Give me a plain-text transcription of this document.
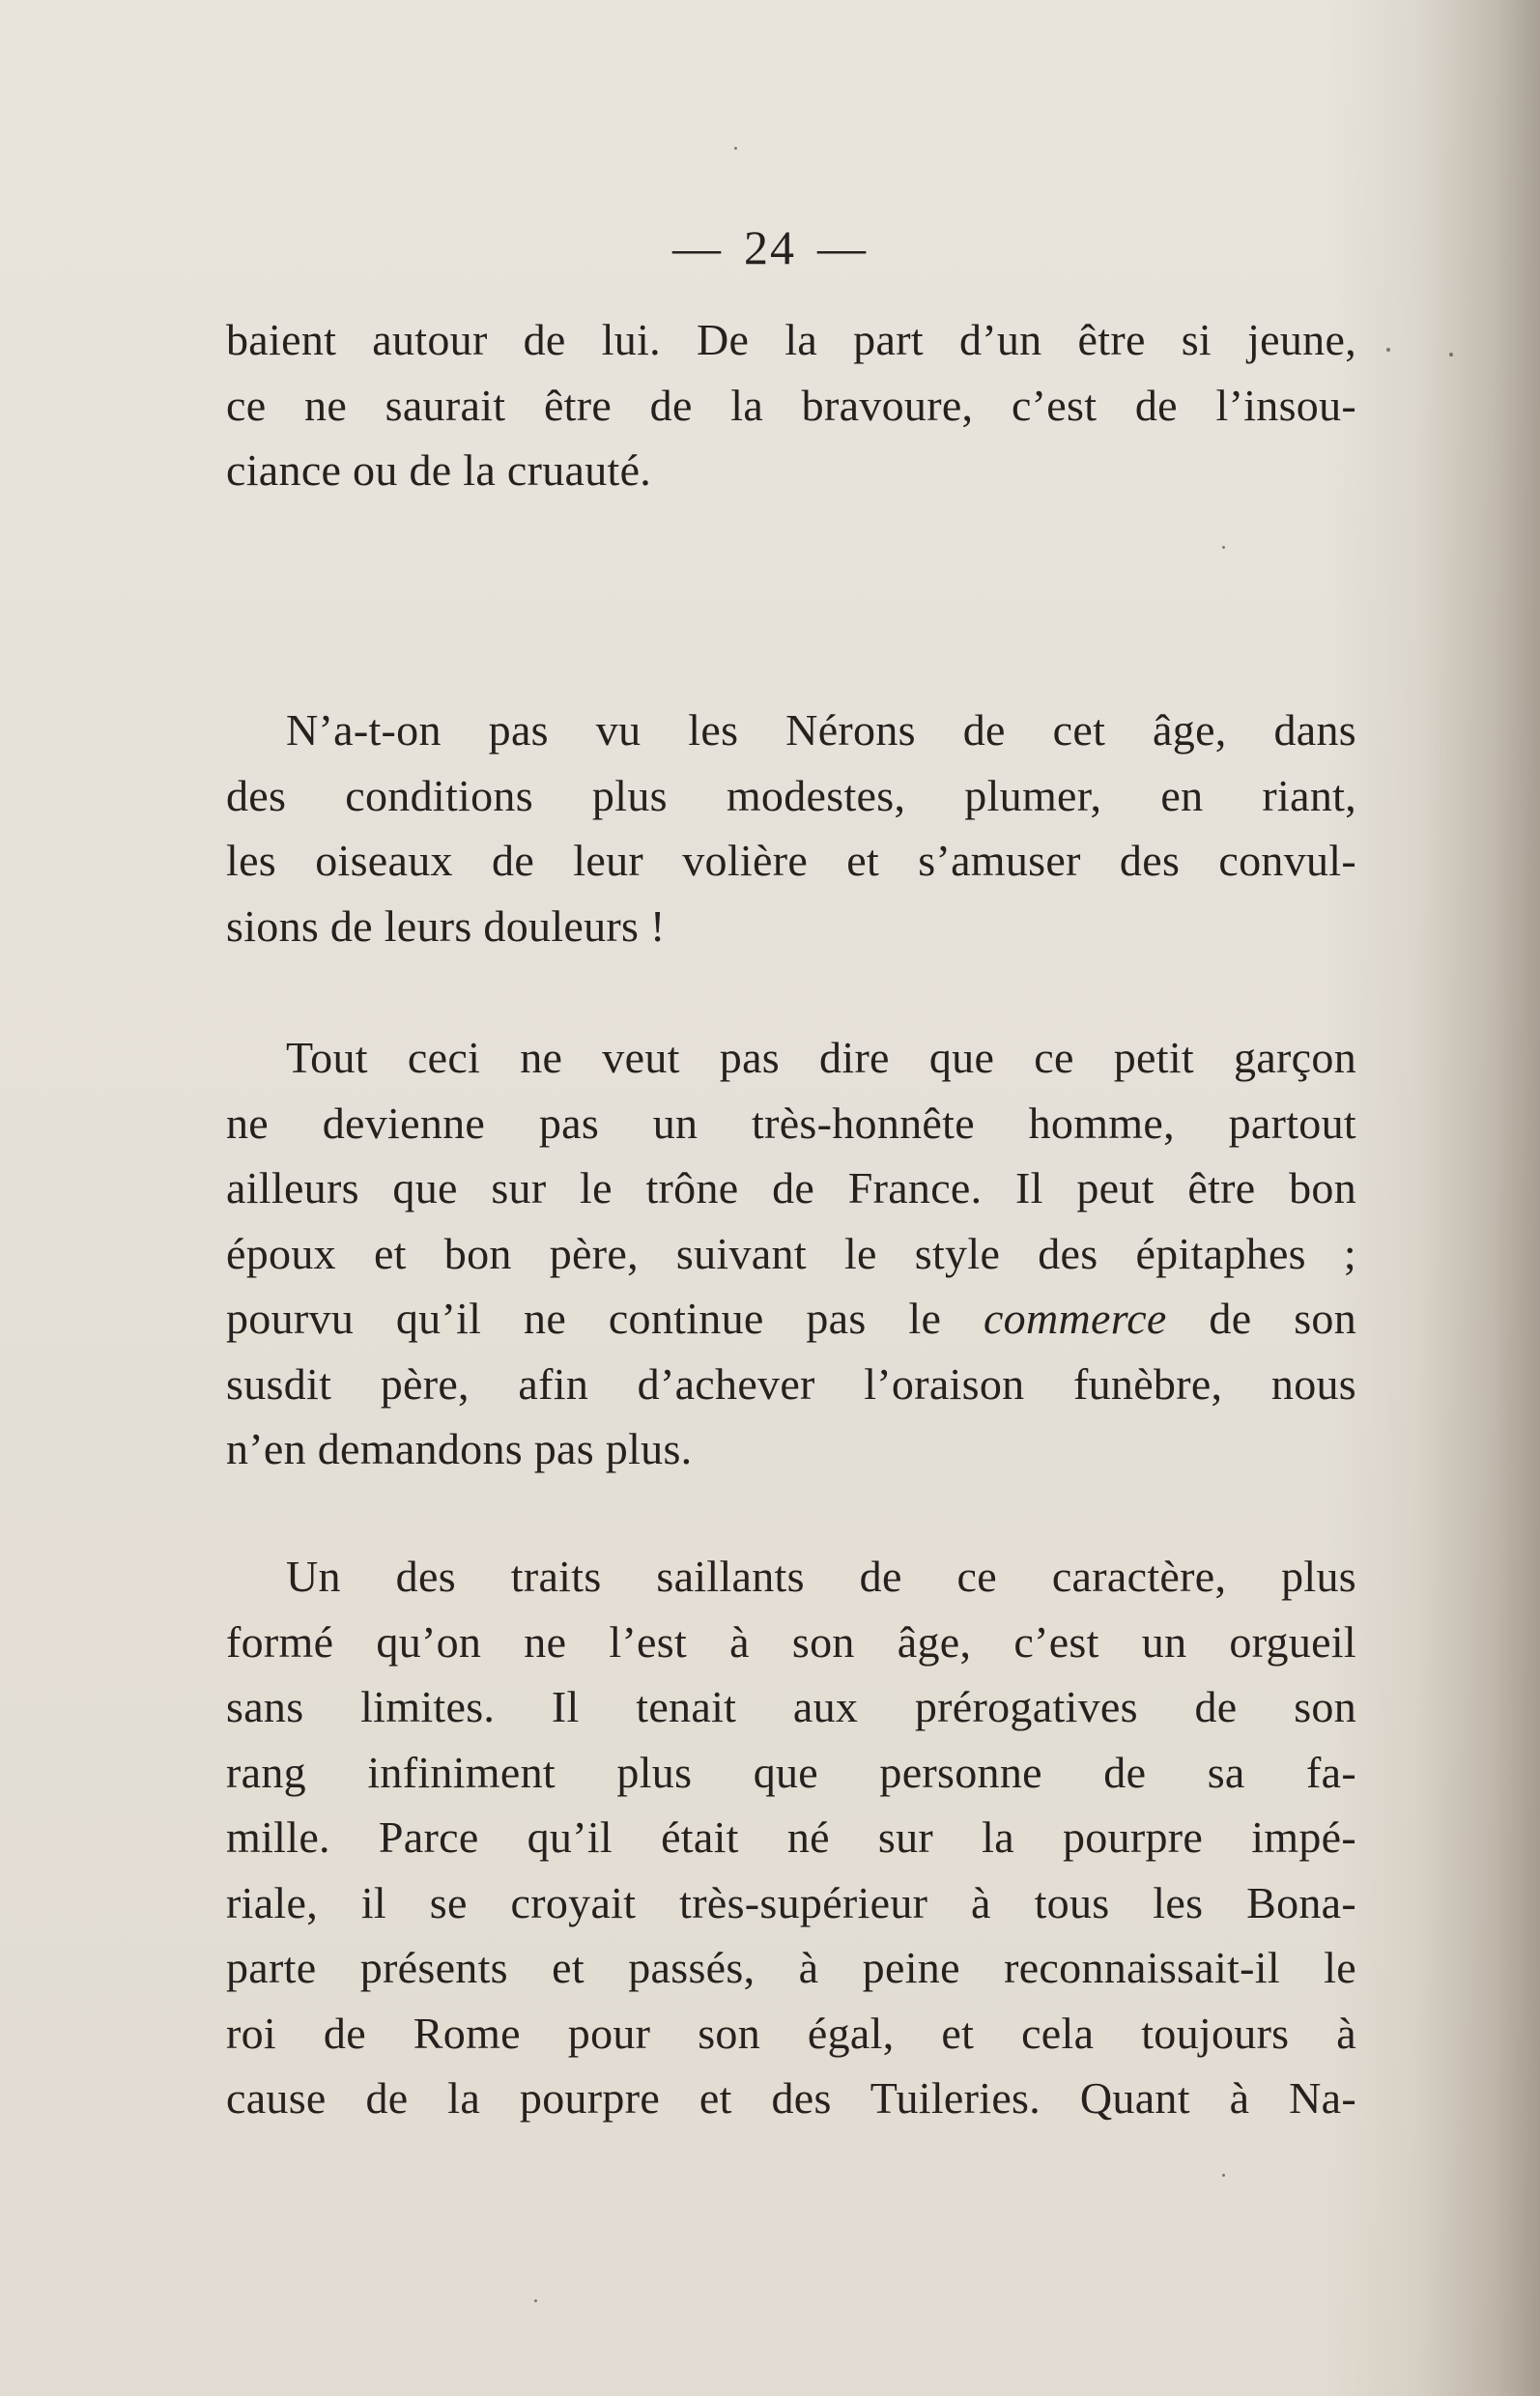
— 24 —
baient autour de lui. De la part d’un être si jeune,
ce ne saurait être de la bravoure, c’est de l’insou-
ciance ou de la cruauté.
N’a-t-on pas vu les Nérons de cet âge, dans
des conditions plus modestes, plumer, en riant,
les oiseaux de leur volière et s’amuser des convul-
sions de leurs douleurs !
Tout ceci ne veut pas dire que ce petit garçon
ne devienne pas un très-honnête homme, partout
ailleurs que sur le trône de France. Il peut être bon
époux et bon père, suivant le style des épitaphes ;
pourvu qu’il ne continue pas le commerce de son
susdit père, afin d’achever l’oraison funèbre, nous
n’en demandons pas plus.
Un des traits saillants de ce caractère, plus
formé qu’on ne l’est à son âge, c’est un orgueil
sans limites. Il tenait aux prérogatives de son
rang infiniment plus que personne de sa fa-
mille. Parce qu’il était né sur la pourpre impé-
riale, il se croyait très-supérieur à tous les Bona-
parte présents et passés, à peine reconnaissait-il le
roi de Rome pour son égal, et cela toujours à
cause de la pourpre et des Tuileries. Quant à Na-
